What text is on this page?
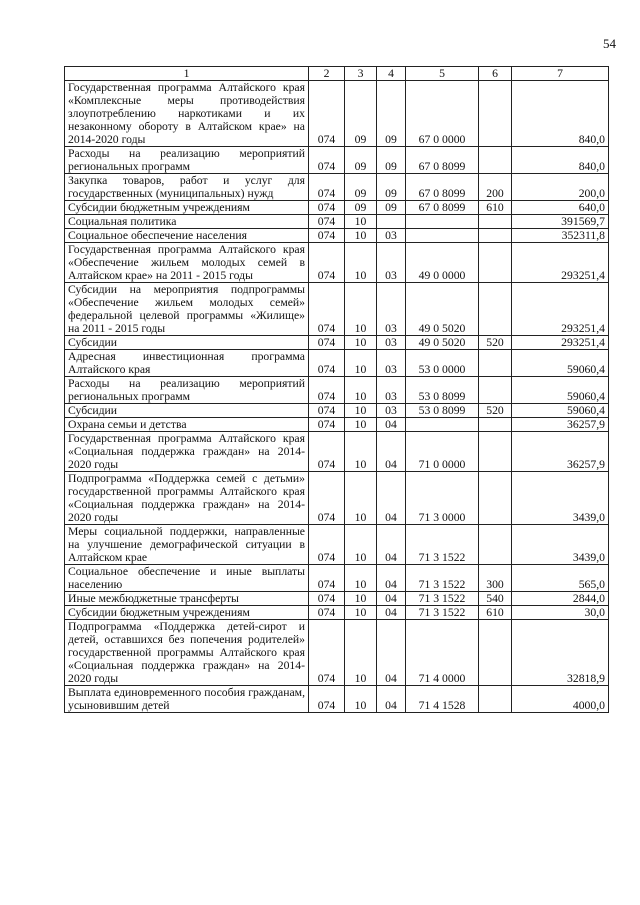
54
1	2	3	4	5	6	7
Государственная программа Алтайского края «Комплексные меры противодействия злоупотреблению наркотиками и их незаконному обороту в Алтайском крае» на 2014-2020 годы	074	09	09	67 0 0000		840,0
Расходы на реализацию мероприятий региональных программ	074	09	09	67 0 8099		840,0
Закупка товаров, работ и услуг для государственных (муниципальных) нужд	074	09	09	67 0 8099	200	200,0
Субсидии бюджетным учреждениям	074	09	09	67 0 8099	610	640,0
Социальная политика	074	10				391569,7
Социальное обеспечение населения	074	10	03			352311,8
Государственная программа Алтайского края «Обеспечение жильем молодых семей в Алтайском крае» на 2011 - 2015 годы	074	10	03	49 0 0000		293251,4
Субсидии на мероприятия подпрограммы «Обеспечение жильем молодых семей» федеральной целевой программы «Жилище» на 2011 - 2015 годы	074	10	03	49 0 5020		293251,4
Субсидии	074	10	03	49 0 5020	520	293251,4
Адресная инвестиционная программа Алтайского края	074	10	03	53 0 0000		59060,4
Расходы на реализацию мероприятий региональных программ	074	10	03	53 0 8099		59060,4
Субсидии	074	10	03	53 0 8099	520	59060,4
Охрана семьи и детства	074	10	04			36257,9
Государственная программа Алтайского края «Социальная поддержка граждан» на 2014-2020 годы	074	10	04	71 0 0000		36257,9
Подпрограмма «Поддержка семей с детьми» государственной программы Алтайского края «Социальная поддержка граждан» на 2014-2020 годы	074	10	04	71 3 0000		3439,0
Меры социальной поддержки, направленные на улучшение демографической ситуации в Алтайском крае	074	10	04	71 3 1522		3439,0
Социальное обеспечение и иные выплаты населению	074	10	04	71 3 1522	300	565,0
Иные межбюджетные трансферты	074	10	04	71 3 1522	540	2844,0
Субсидии бюджетным учреждениям	074	10	04	71 3 1522	610	30,0
Подпрограмма «Поддержка детей-сирот и детей, оставшихся без попечения родителей» государственной программы Алтайского края «Социальная поддержка граждан» на 2014-2020 годы	074	10	04	71 4 0000		32818,9
Выплата единовременного пособия гражданам, усыновившим детей	074	10	04	71 4 1528		4000,0
